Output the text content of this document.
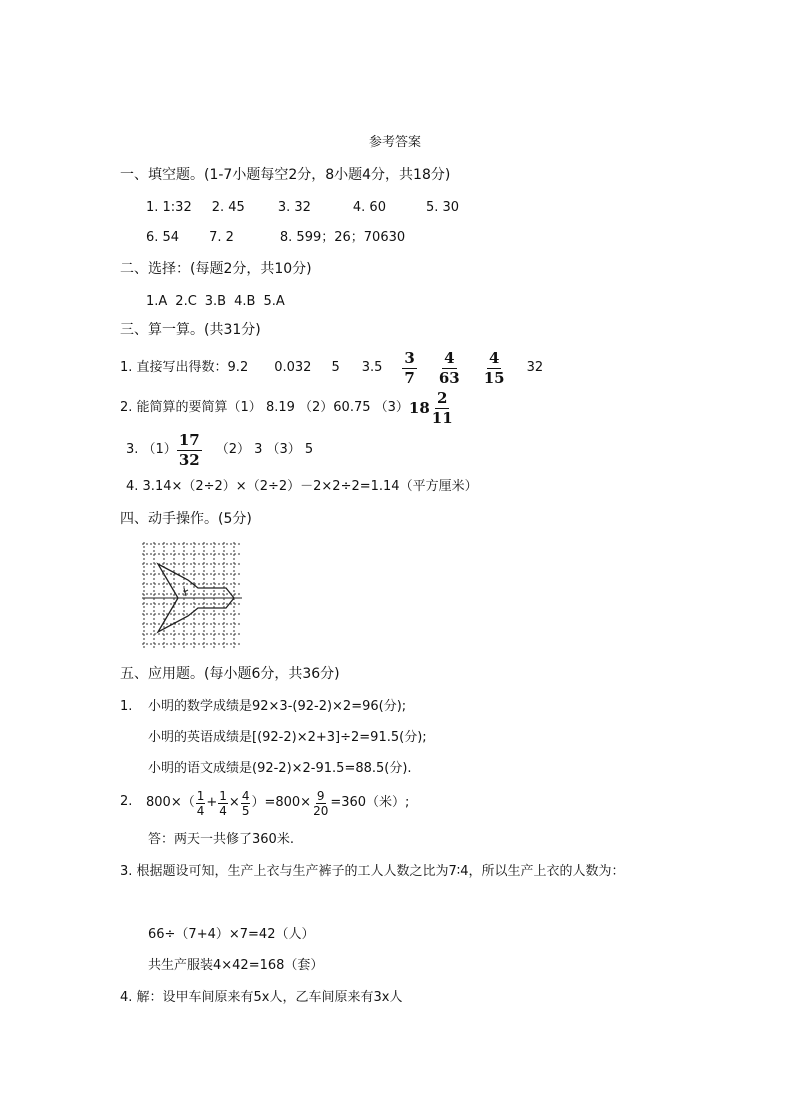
参考答案
一、填空题。(1-7小题每空2分，8小题4分，共18分)
1. 1:32 2. 45	3. 32	4. 60	5. 30
6. 54 7. 2	8. 599；26；70630
二、选择：(每题2分，共10分)
1.A 2.C 3.B 4.B 5.A
三、算一算。(共31分)
1. 直接写出得数：9.2 0.032 5 $3.5 \frac{3}{7} \frac{4}{63} \frac{4}{15} 32$
2. 能简算的要简算（1） 8.19 （2）60.75 （3） $18 \frac{2}{11}$
3. $(1) \frac{17}{32} (2)$ 3 （3） 5
4. 3.14×（2÷2）×（2÷2）－2×2÷2=1.14（平方厘米）
四、动手操作。(5分)
五、应用题。(每小题6分，共36分)
1. 小明的数学成绩是92×3-(92-2)×2=96(分);
小明的英语成绩是[(92-2)×2+3]÷2=91.5(分);
小明的语文成绩是(92-2)×2-91.5=88.5(分).
2. $800\times( \frac{1}{4} + \frac{1}{4} \times \frac{4}{5} )=800\times \frac{9}{20} =360$（米）;
答：两天一共修了360米.
3. 根据题设可知，生产上衣与生产裤子的工人人数之比为7∶4，所以生产上衣的人数为：
66÷（7+4）×7=42（人）
共生产服装4×42=168（套）
4. 解：设甲车间原来有5x人，乙车间原来有3x人
